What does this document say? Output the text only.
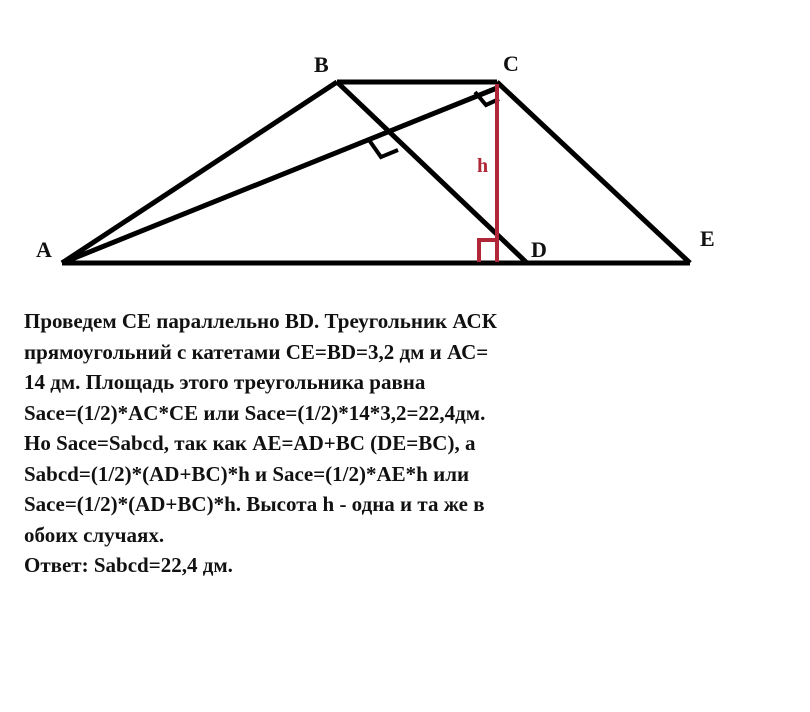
A
B	C
D	E
h
Проведем СЕ параллельно BD. Треугольник АСК
прямоугольний с катетами СЕ=BD=3,2 дм и АС=
14 дм. Площадь этого треугольника равна
Sace=(1/2)*AC*CE или Sace=(1/2)*14*3,2=22,4дм.
Но Sace=Sabcd, так как AE=AD+BC (DE=BC), а
Sabcd=(1/2)*(AD+BC)*h и Sace=(1/2)*AE*h или
Sace=(1/2)*(AD+BC)*h. Высота h - одна и та же в
обоих случаях.
Ответ: Sabcd=22,4 дм.
